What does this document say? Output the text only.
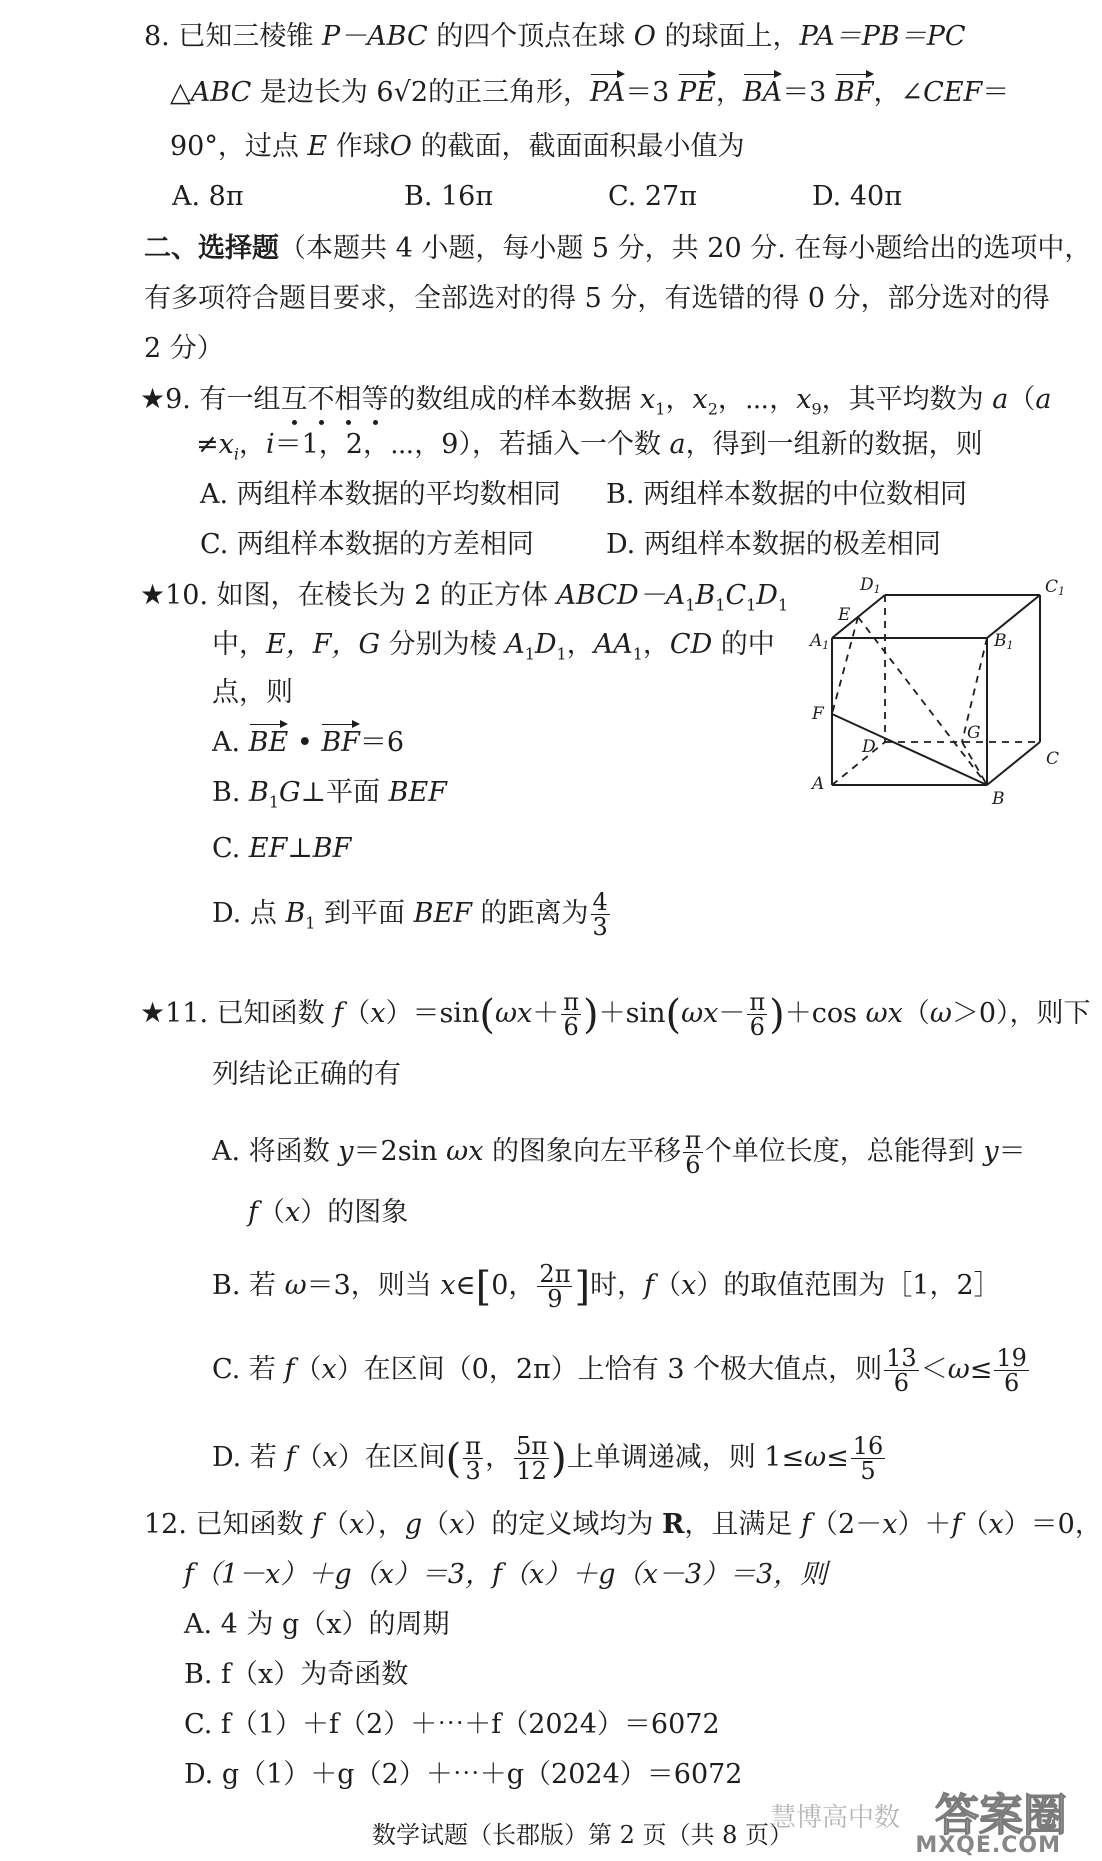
8. 已知三棱锥 P－ABC 的四个顶点在球 O 的球面上，PA＝PB＝PC
△ABC 是边长为 6√2的正三角形，PA＝3 PE，BA＝3 BF，∠CEF＝
90°，过点 E 作球O 的截面，截面面积最小值为
A. 8π	B. 16π	C. 27π	D. 40π
二、选择题（本题共 4 小题，每小题 5 分，共 20 分. 在每小题给出的选项中，
有多项符合题目要求，全部选对的得 5 分，有选错的得 0 分，部分选对的得
2 分）
★9. 有一组互不相等的数组成的样本数据 $x_1$，$x_2$，⋯，$x_9$，其平均数为 a（a
$\ne x_i$，i＝1，2，⋯，9），若插入一个数 a，得到一组新的数据，则
A. 两组样本数据的平均数相同 B. 两组样本数据的中位数相同
C. 两组样本数据的方差相同	D. 两组样本数据的极差相同
★10. 如图，在棱长为 2 的正方体 $ABCD-A_1B_1C_1D_1$
中，E，F，G 分别为棱 $A_1D_1$，$AA_1$，CD 的中
点，则
A. BE • BF＝6
B. $B_1G\perp$平面 BEF
C. EF⊥BF
D. 点 $B_1$ 到平面 BEF 的距离为 $\frac{4}{3}$
D1	C1
A1	B1
E
F
G
D
C
A
B
★11. 已知函数 $f(x)=\sin(\omega x+ \frac{\pi}{6} )+\sin(\omega x- \frac{\pi}{6} )+\cos$ ωx（ω＞0），则下
列结论正确的有
A. 将函数 y＝2sin ωx 的图象向左平移 $\frac{\pi}{6}$ 个单位长度，总能得到 y＝
f（x）的图象
B. 若 ω＝3，则当 x∈[0， $\frac{2\pi}{9}$ ]时，f（x）的取值范围为［1，2］
C. 若 f（x）在区间（0，2π）上恰有 3 个极大值点，则 $\frac{13}{6} <\omega\le \frac{19}{6}$
D. 若 f（x）在区间( $\frac{\pi}{3}$ ， $\frac{5\pi}{12}$ )上单调递减，则 $1\le\omega\le \frac{16}{5}$
12. 已知函数 f（x），g（x）的定义域均为 R，且满足 f（2－x）＋f（x）＝0，
f（1－x）＋g（x）＝3，f（x）＋g（x－3）＝3，则
A. 4 为 g（x）的周期
B. f（x）为奇函数
C. f（1）＋f（2）＋⋯＋f（2024）＝6072
D. g（1）＋g（2）＋⋯＋g（2024）＝6072
数学试题（长郡版）第 2 页（共 8 页）
慧博高中数 答案圈
MXQE.COM
